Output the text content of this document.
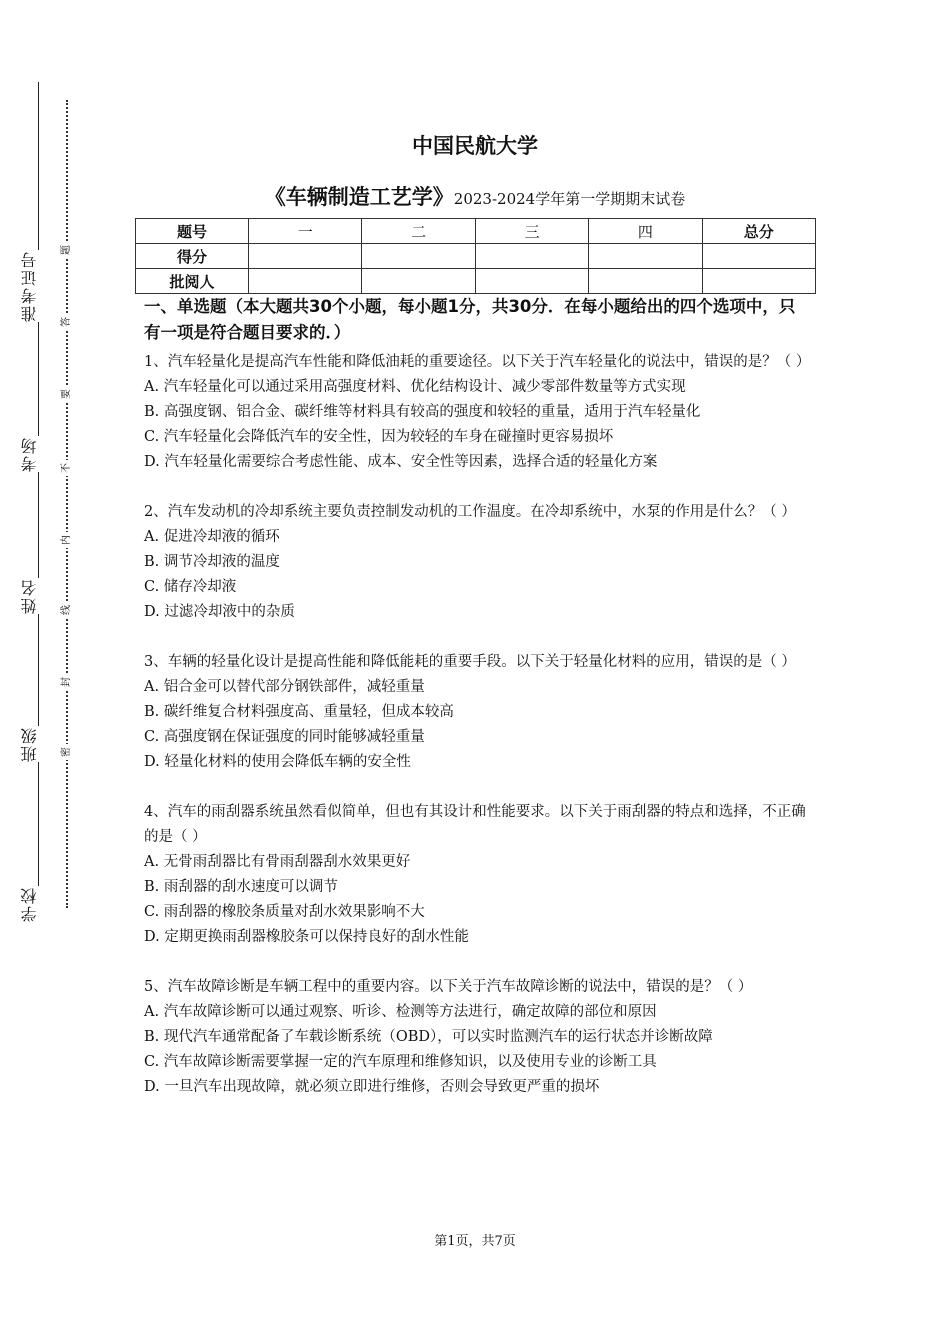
准考证号
考场
姓名
班级
学校
题
答
要
不
内
线
封
密
中国民航大学
《车辆制造工艺学》2023-2024学年第一学期期末试卷
题号	一	二	三	四	总分
得分					
批阅人					

一、单选题（本大题共30个小题，每小题1分，共30分．在每小题给出的四个选项中，只有一项是符合题目要求的．）

1、汽车轻量化是提高汽车性能和降低油耗的重要途径。以下关于汽车轻量化的说法中，错误的是？（ ）

A. 汽车轻量化可以通过采用高强度材料、优化结构设计、减少零部件数量等方式实现

B. 高强度钢、铝合金、碳纤维等材料具有较高的强度和较轻的重量，适用于汽车轻量化

C. 汽车轻量化会降低汽车的安全性，因为较轻的车身在碰撞时更容易损坏

D. 汽车轻量化需要综合考虑性能、成本、安全性等因素，选择合适的轻量化方案

2、汽车发动机的冷却系统主要负责控制发动机的工作温度。在冷却系统中，水泵的作用是什么？（ ）

A. 促进冷却液的循环

B. 调节冷却液的温度

C. 储存冷却液

D. 过滤冷却液中的杂质

3、车辆的轻量化设计是提高性能和降低能耗的重要手段。以下关于轻量化材料的应用，错误的是（ ）

A. 铝合金可以替代部分钢铁部件，减轻重量

B. 碳纤维复合材料强度高、重量轻，但成本较高

C. 高强度钢在保证强度的同时能够减轻重量

D. 轻量化材料的使用会降低车辆的安全性

4、汽车的雨刮器系统虽然看似简单，但也有其设计和性能要求。以下关于雨刮器的特点和选择，不正确的是（ ）

A. 无骨雨刮器比有骨雨刮器刮水效果更好

B. 雨刮器的刮水速度可以调节

C. 雨刮器的橡胶条质量对刮水效果影响不大

D. 定期更换雨刮器橡胶条可以保持良好的刮水性能

5、汽车故障诊断是车辆工程中的重要内容。以下关于汽车故障诊断的说法中，错误的是？（ ）

A. 汽车故障诊断可以通过观察、听诊、检测等方法进行，确定故障的部位和原因

B. 现代汽车通常配备了车载诊断系统（OBD），可以实时监测汽车的运行状态并诊断故障

C. 汽车故障诊断需要掌握一定的汽车原理和维修知识，以及使用专业的诊断工具

D. 一旦汽车出现故障，就必须立即进行维修，否则会导致更严重的损坏

第1页，共7页
